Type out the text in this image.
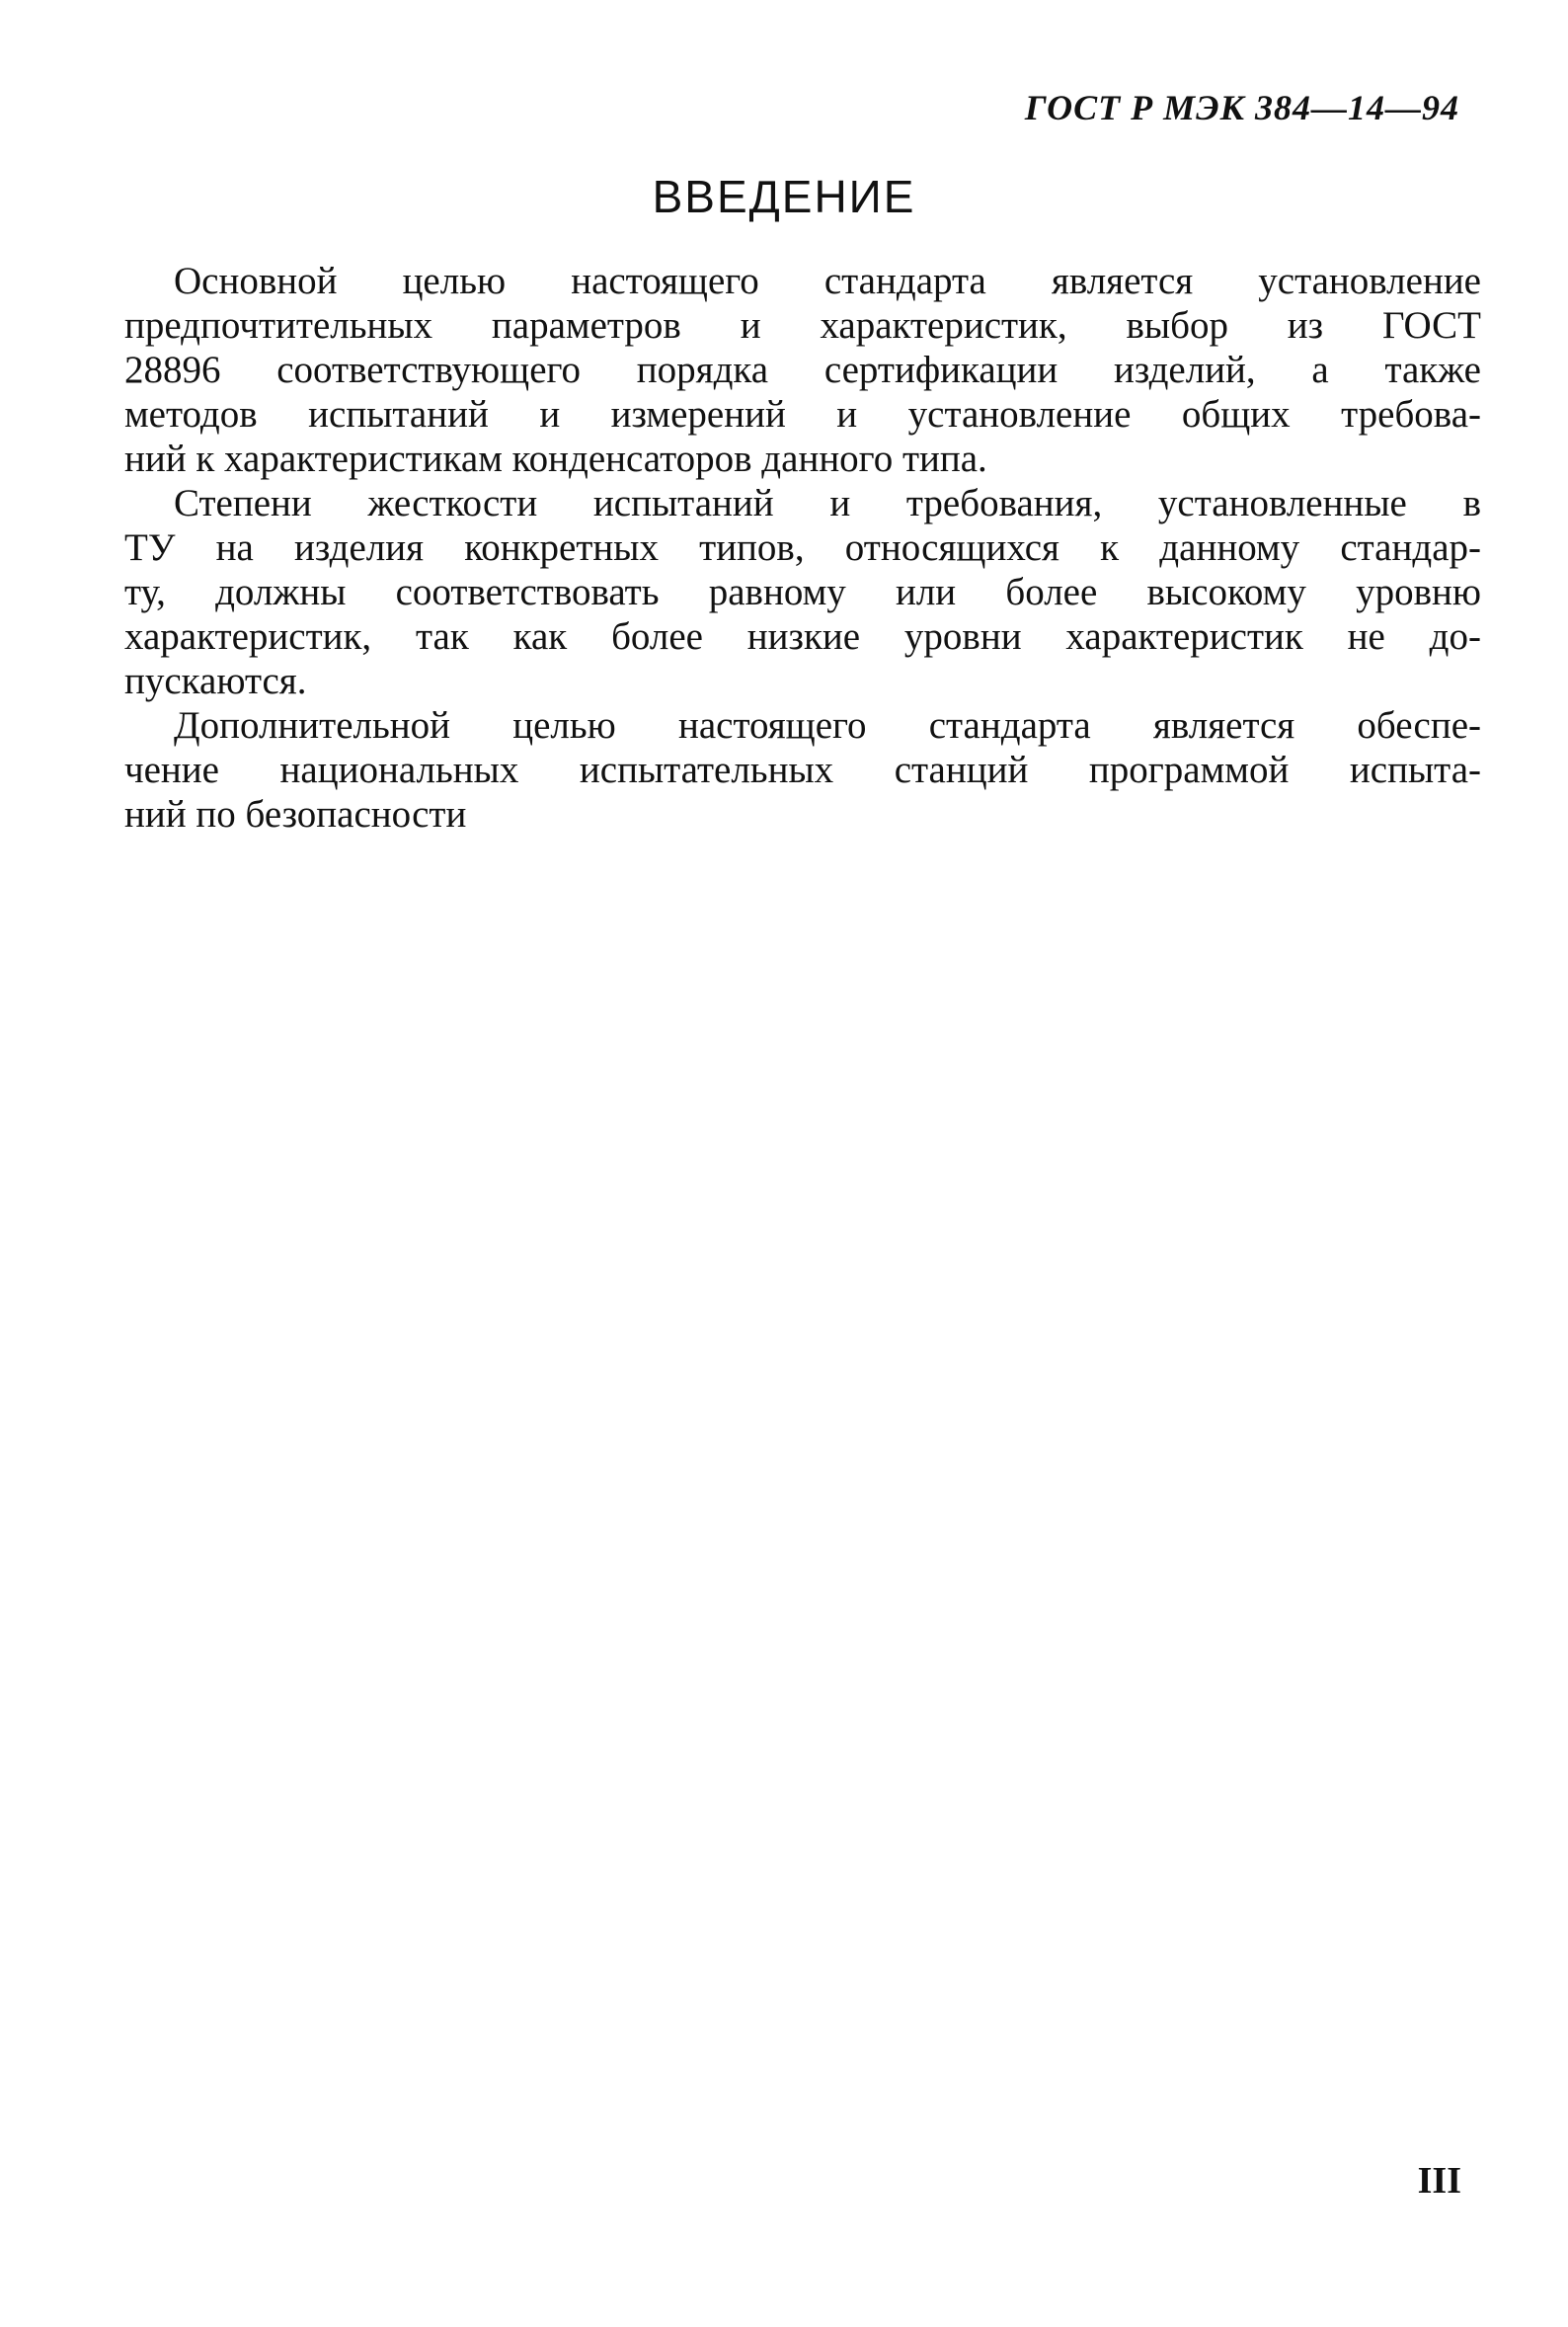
ГОСТ Р МЭК 384—14—94
ВВЕДЕНИЕ

Основной целью настоящего стандарта является установление
предпочтительных параметров и характеристик, выбор из ГОСТ
28896 соответствующего порядка сертификации изделий, а также
методов испытаний и измерений и установление общих требова-
ний к характеристикам конденсаторов данного типа.

Степени жесткости испытаний и требования, установленные в
ТУ на изделия конкретных типов, относящихся к данному стандар-
ту, должны соответствовать равному или более высокому уровню
характеристик, так как более низкие уровни характеристик не до-
пускаются.

Дополнительной целью настоящего стандарта является обеспе-
чение национальных испытательных станций программой испыта-
ний по безопасности

III
